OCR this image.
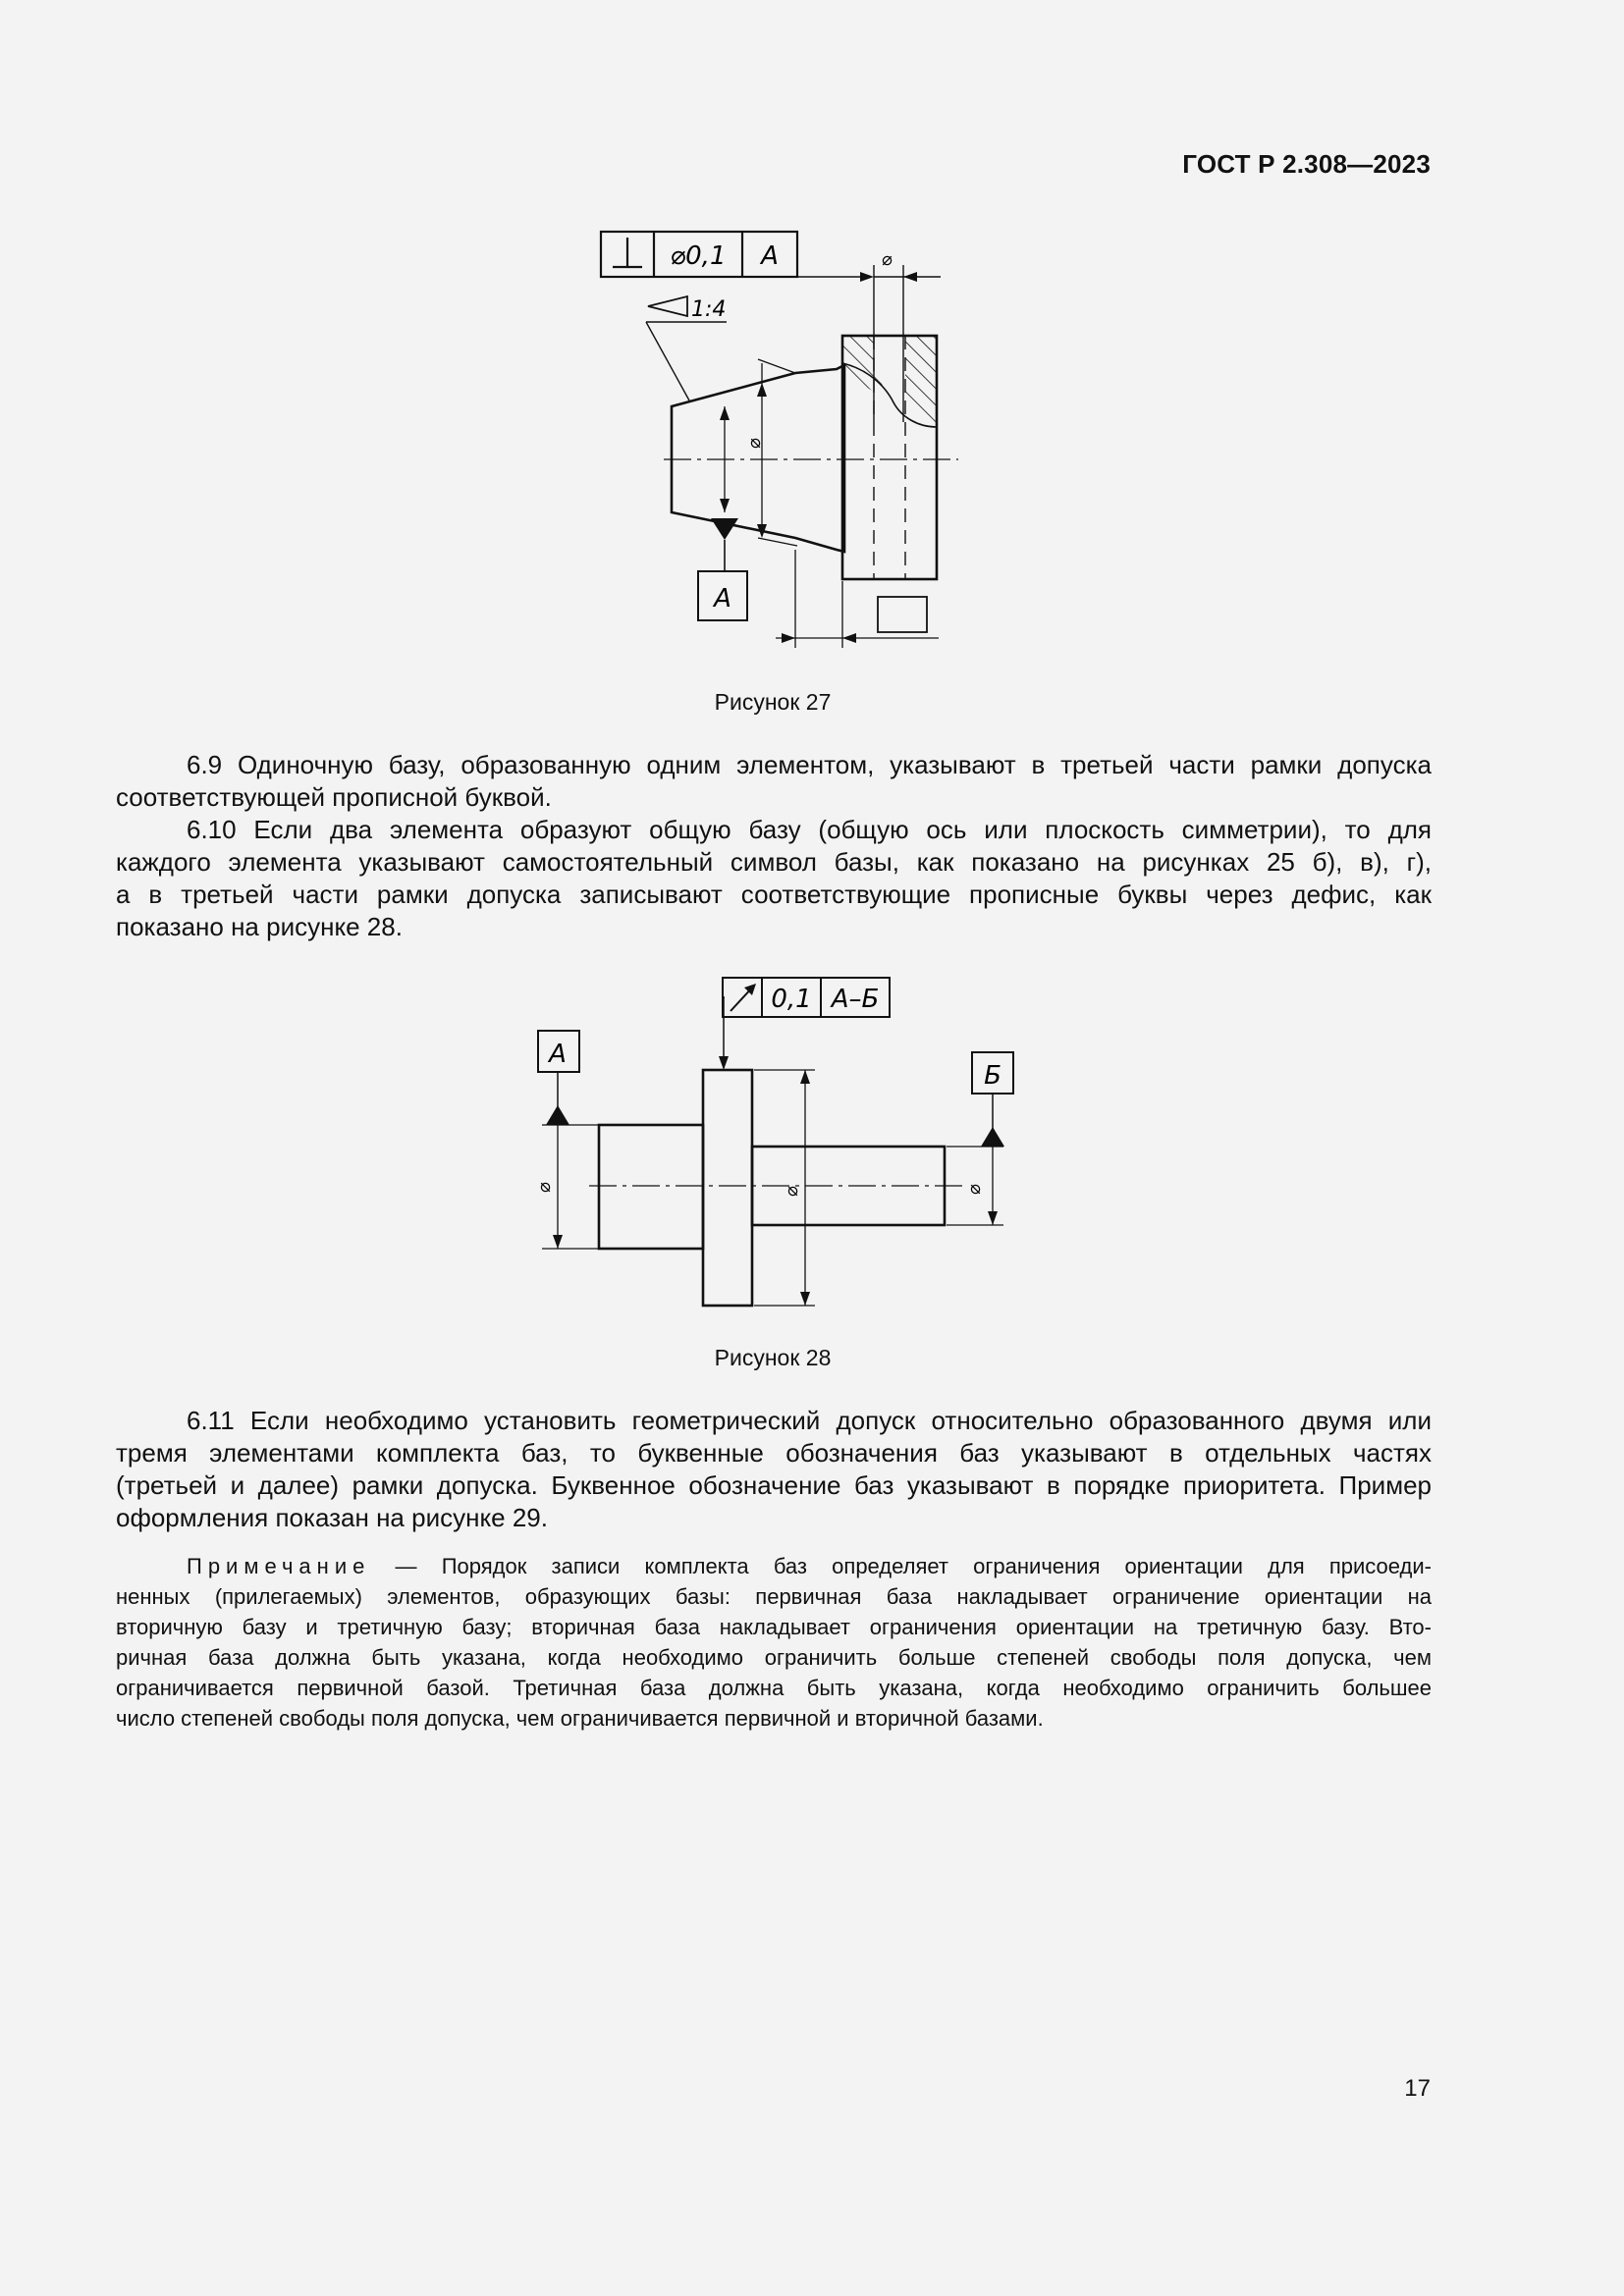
ГОСТ Р 2.308—2023
⌀0,1 A	⌀
1:4
⌀
A
Рисунок 27
6.9 Одиночную базу, образованную одним элементом, указывают в третьей части рамки допуска
соответствующей прописной буквой.
6.10 Если два элемента образуют общую базу (общую ось или плоскость симметрии), то для
каждого элемента указывают самостоятельный символ базы, как показано на рисунках 25 б), в), г),
а в третьей части рамки допуска записывают соответствующие прописные буквы через дефис, как
показано на рисунке 28.
0,1 A–Б
A
⌀	⌀
Б
⌀
Рисунок 28
6.11 Если необходимо установить геометрический допуск относительно образованного двумя или
тремя элементами комплекта баз, то буквенные обозначения баз указывают в отдельных частях
(третьей и далее) рамки допуска. Буквенное обозначение баз указывают в порядке приоритета. Пример
оформления показан на рисунке 29.
Примечание — Порядок записи комплекта баз определяет ограничения ориентации для присоеди-
ненных (прилегаемых) элементов, образующих базы: первичная база накладывает ограничение ориентации на
вторичную базу и третичную базу; вторичная база накладывает ограничения ориентации на третичную базу. Вто-
ричная база должна быть указана, когда необходимо ограничить больше степеней свободы поля допуска, чем
ограничивается первичной базой. Третичная база должна быть указана, когда необходимо ограничить большее
число степеней свободы поля допуска, чем ограничивается первичной и вторичной базами.
17
